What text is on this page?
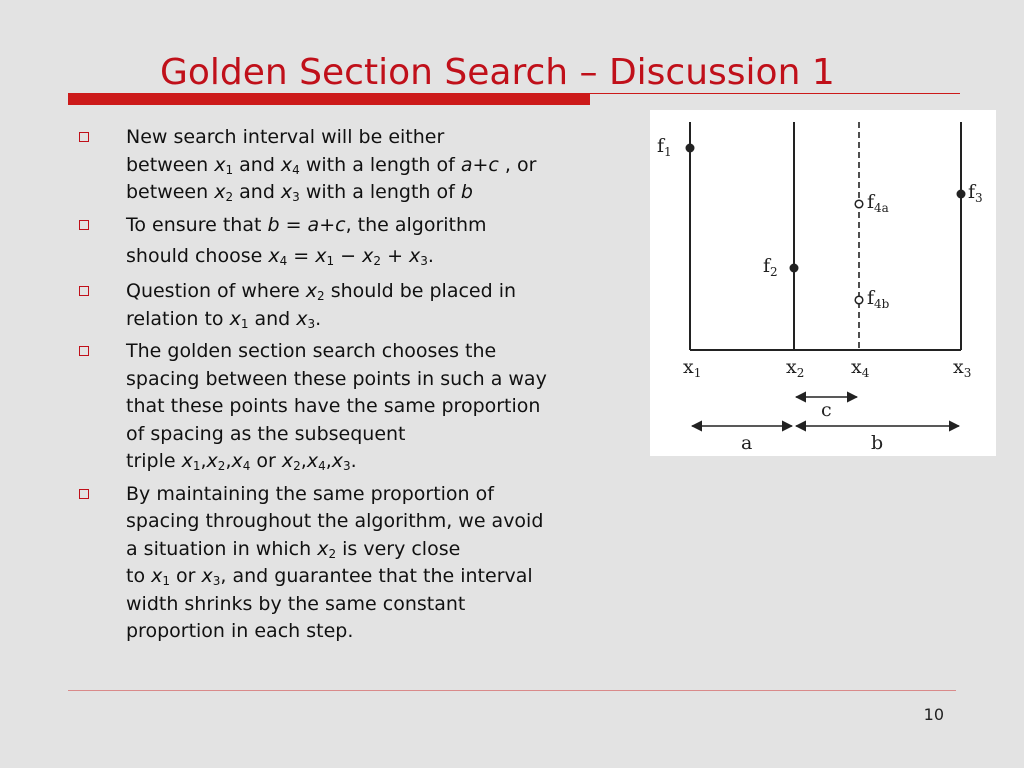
Golden Section Search – Discussion 1
New search interval will be either
between $x_1$ and $x_4$ with a length of a+c , or
between $x_2$ and $x_3$ with a length of b
To ensure that b = a+c, the algorithm
should choose $x_4 = x_1 - x_2 + x_3$.
Question of where $x_2$ should be placed in
relation to $x_1$ and $x_3$.
The golden section search chooses the
spacing between these points in such a way
that these points have the same proportion
of spacing as the subsequent
triple $x_1,x_2,x_4$ or $x_2,x_4,x_3$.
By maintaining the same proportion of
spacing throughout the algorithm, we avoid
a situation in which $x_2$ is very close
to $x_1$ or $x_3$, and guarantee that the interval
width shrinks by the same constant
proportion in each step.
$f_1$
$f_2$
$f_3$
$f_{4a}$
$f_{4b}$
$x_1$	$x_2$ $x_4$	$x_3$
c
a	b
10
